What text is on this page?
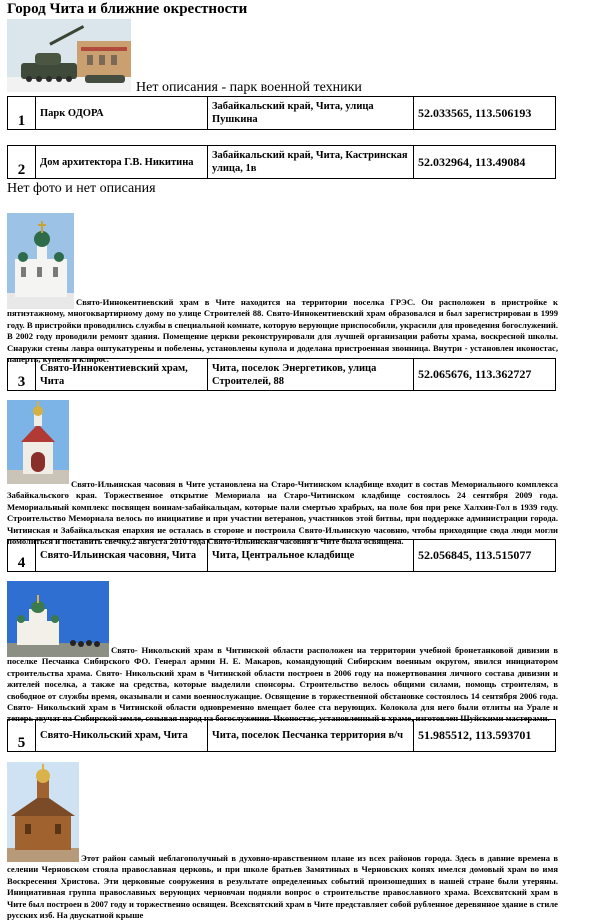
Город Чита и ближние окрестности
Нет описания - парк военной техники
1	Парк ОДОРА	Забайкальский край, Чита, улица Пушкина	52.033565, 113.506193
2	Дом архитектора Г.В. Никитина	Забайкальский край, Чита, Кастринская улица, 1в	52.032964, 113.49084
Нет фото и нет описания
Свято-Иннокентиевский храм в Чите находится на территории поселка ГРЭС. Он расположен в пристройке к пятиэтажному, многоквартирному дому по улице Строителей 88. Свято-Иннокентиевский храм образовался и был зарегистрирован в 1999 году. В пристройки проводились службы в специальной комнате, которую верующие приспособили, украсили для проведения богослужений. В 2002 году проводили ремонт здания. Помещение церкви реконструировали для лучшей организации работы храма, воскресной школы. Снаружи стены лавра оштукатурены и побелены, установлены купола и доделана пристроенная звонница. Внутри - установлен иконостас, паперть, купель и клирос.
3	Свято-Иннокентиевский храм, Чита	Чита, поселок Энергетиков, улица Строителей, 88	52.065676, 113.362727
Свято-Ильинская часовня в Чите установлена на Старо-Читинском кладбище входит в состав Мемориального комплекса Забайкальского края. Торжественное открытие Мемориала на Старо-Читинском кладбище состоялось 24 сентября 2009 года. Мемориальный комплекс посвящен воинам-забайкальцам, которые пали смертью храбрых, на поле боя при реке Халхин-Гол в 1939 году. Строительство Мемориала велось по инициативе и при участии ветеранов, участников этой битвы, при поддержке администрации города. Читинская и Забайкальская епархия не осталась в стороне и построила Свято-Ильинскую часовню, чтобы приходящие сюда люди могли помолиться и поставить свечку.2 августа 2010 года Свято-Ильинская часовня в Чите была освящена.
4	Свято-Ильинская часовня, Чита	Чита, Центральное кладбище	52.056845, 113.515077
Свято- Никольский храм в Читинской области расположен на территории учебной бронетанковой дивизии в поселке Песчанка Сибирского ФО. Генерал армии Н. Е. Макаров, командующий Сибирским военным округом, явился инициатором строительства храма. Свято- Никольский храм в Читинской области построен в 2006 году на пожертвования личного состава дивизии и жителей поселка, а также на средства, которые выделили спонсоры. Строительство велось общими силами, помощь строителям, в свободное от службы время, оказывали и сами военнослужащие. Освящение в торжественной обстановке состоялось 14 сентября 2006 года. Свято- Никольский храм в Читинской области одновременно вмещает более ста верующих. Колокола для него были отлиты на Урале и теперь звучат на Сибирской земле, созывая народ на богослужения. Иконостас, установленный в храме, изготовлен Шуйскими мастерами.
5	Свято-Никольский храм, Чита	Чита, поселок Песчанка территория в/ч	51.985512, 113.593701
Этот район самый неблагополучный в духовно-нравственном плане из всех районов города. Здесь в давние времена в селении Черновском стояла православная церковь, и при школе братьев Замятиных в Черновских копях имелся домовый храм во имя Воскресения Христова. Эти церковные сооружения в результате определенных событий произошедших в нашей стране были утеряны. Инициативная группа православных верующих черновчан подняли вопрос о строительстве православного храма. Всехсвятский храм в Чите был построен в 2007 году и торжественно освящен. Всехсвятский храм в Чите представляет собой рубленное деревянное здание в стиле русских изб. На двускатной крыше
